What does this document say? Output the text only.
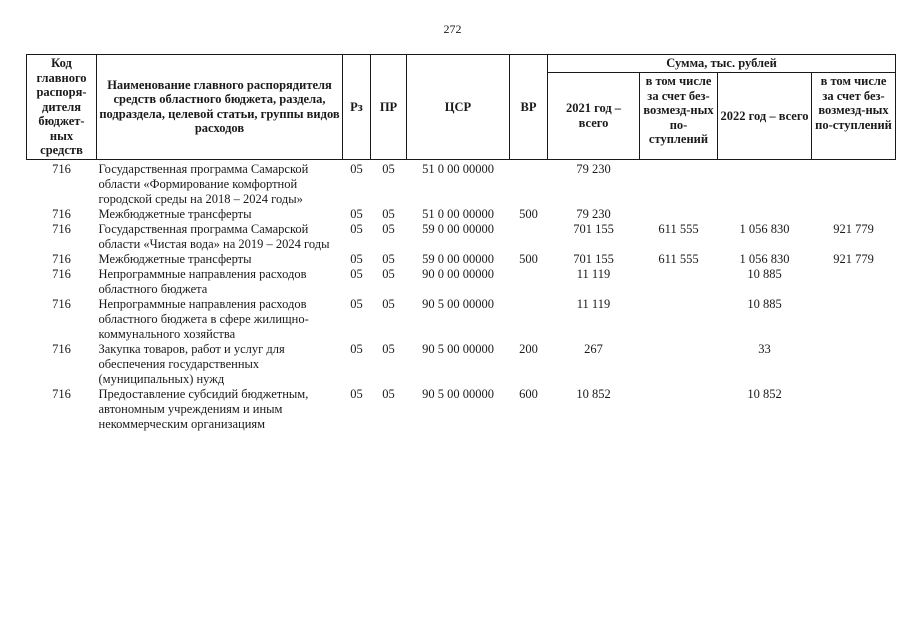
272
Код главного распоря-дителя бюджет-ных средств	Наименование главного распорядителя средств областного бюджета, раздела, подраздела, целевой статьи, группы видов расходов	Рз	ПР	ЦСР	ВР	Сумма, тыс. рублей			
						2021 год – всего	в том числе за счет без-возмезд-ных по-ступлений	2022 год – всего	в том числе за счет без-возмезд-ных по-ступлений
716	Государственная программа Самарской области «Формирование комфортной городской среды на 2018 – 2024 годы»	05	05	51 0 00 00000		79 230			
716	Межбюджетные трансферты	05	05	51 0 00 00000	500	79 230			
716	Государственная программа Самарской области «Чистая вода» на 2019 – 2024 годы	05	05	59 0 00 00000		701 155	611 555	1 056 830	921 779
716	Межбюджетные трансферты	05	05	59 0 00 00000	500	701 155	611 555	1 056 830	921 779
716	Непрограммные направления расходов областного бюджета	05	05	90 0 00 00000		11 119		10 885	
716	Непрограммные направления расходов областного бюджета в сфере жилищно-коммунального хозяйства	05	05	90 5 00 00000		11 119		10 885	
716	Закупка товаров, работ и услуг для обеспечения государственных (муниципальных) нужд	05	05	90 5 00 00000	200	267		33	
716	Предоставление субсидий бюджетным, автономным учреждениям и иным некоммерческим организациям	05	05	90 5 00 00000	600	10 852		10 852	
